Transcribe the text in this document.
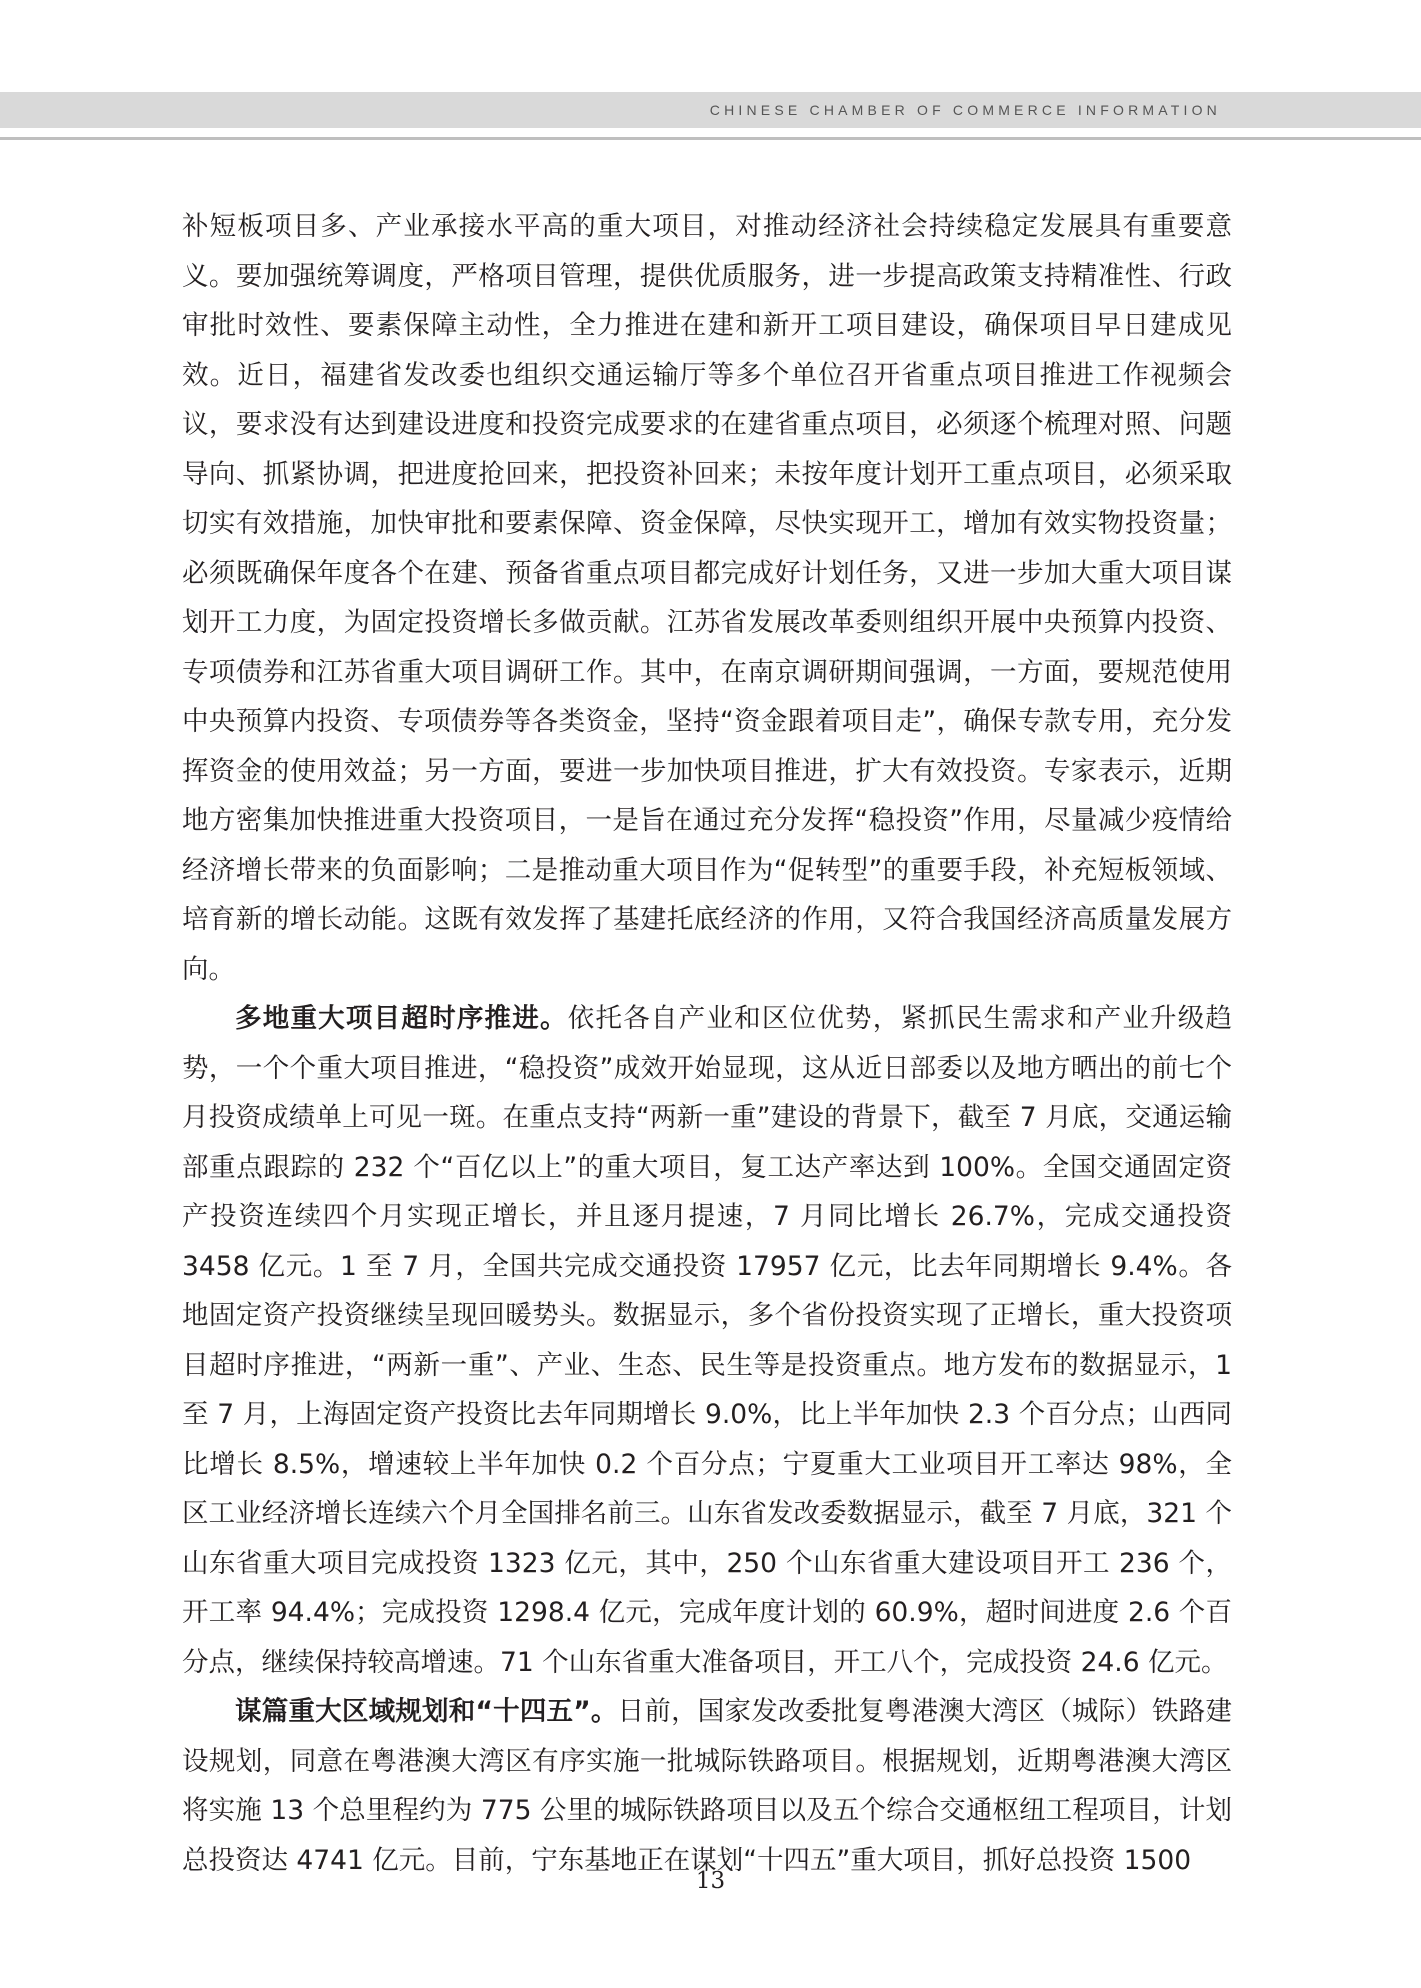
CHINESE CHAMBER OF COMMERCE INFORMATION

补短板项目多、产业承接水平高的重大项目，对推动经济社会持续稳定发展具有重要意义。要加强统筹调度，严格项目管理，提供优质服务，进一步提高政策支持精准性、行政审批时效性、要素保障主动性，全力推进在建和新开工项目建设，确保项目早日建成见效。近日，福建省发改委也组织交通运输厅等多个单位召开省重点项目推进工作视频会议，要求没有达到建设进度和投资完成要求的在建省重点项目，必须逐个梳理对照、问题导向、抓紧协调，把进度抢回来，把投资补回来；未按年度计划开工重点项目，必须采取切实有效措施，加快审批和要素保障、资金保障，尽快实现开工，增加有效实物投资量；必须既确保年度各个在建、预备省重点项目都完成好计划任务，又进一步加大重大项目谋划开工力度，为固定投资增长多做贡献。江苏省发展改革委则组织开展中央预算内投资、专项债券和江苏省重大项目调研工作。其中，在南京调研期间强调，一方面，要规范使用中央预算内投资、专项债券等各类资金，坚持“资金跟着项目走”，确保专款专用，充分发挥资金的使用效益；另一方面，要进一步加快项目推进，扩大有效投资。专家表示，近期地方密集加快推进重大投资项目，一是旨在通过充分发挥“稳投资”作用，尽量减少疫情给经济增长带来的负面影响；二是推动重大项目作为“促转型”的重要手段，补充短板领域、培育新的增长动能。这既有效发挥了基建托底经济的作用，又符合我国经济高质量发展方向。

多地重大项目超时序推进。依托各自产业和区位优势，紧抓民生需求和产业升级趋势，一个个重大项目推进，“稳投资”成效开始显现，这从近日部委以及地方晒出的前七个月投资成绩单上可见一斑。在重点支持“两新一重”建设的背景下，截至 7 月底，交通运输部重点跟踪的 232 个“百亿以上”的重大项目，复工达产率达到 100%。全国交通固定资产投资连续四个月实现正增长，并且逐月提速，7 月同比增长 26.7%，完成交通投资 3458 亿元。1 至 7 月，全国共完成交通投资 17957 亿元，比去年同期增长 9.4%。各地固定资产投资继续呈现回暖势头。数据显示，多个省份投资实现了正增长，重大投资项目超时序推进，“两新一重”、产业、生态、民生等是投资重点。地方发布的数据显示，1 至 7 月，上海固定资产投资比去年同期增长 9.0%，比上半年加快 2.3 个百分点；山西同比增长 8.5%，增速较上半年加快 0.2 个百分点；宁夏重大工业项目开工率达 98%，全区工业经济增长连续六个月全国排名前三。山东省发改委数据显示，截至 7 月底，321 个山东省重大项目完成投资 1323 亿元，其中，250 个山东省重大建设项目开工 236 个，开工率 94.4%；完成投资 1298.4 亿元，完成年度计划的 60.9%，超时间进度 2.6 个百分点，继续保持较高增速。71 个山东省重大准备项目，开工八个，完成投资 24.6 亿元。

谋篇重大区域规划和“十四五”。日前，国家发改委批复粤港澳大湾区（城际）铁路建设规划，同意在粤港澳大湾区有序实施一批城际铁路项目。根据规划，近期粤港澳大湾区将实施 13 个总里程约为 775 公里的城际铁路项目以及五个综合交通枢纽工程项目，计划总投资达 4741 亿元。目前，宁东基地正在谋划“十四五”重大项目，抓好总投资 1500

13
